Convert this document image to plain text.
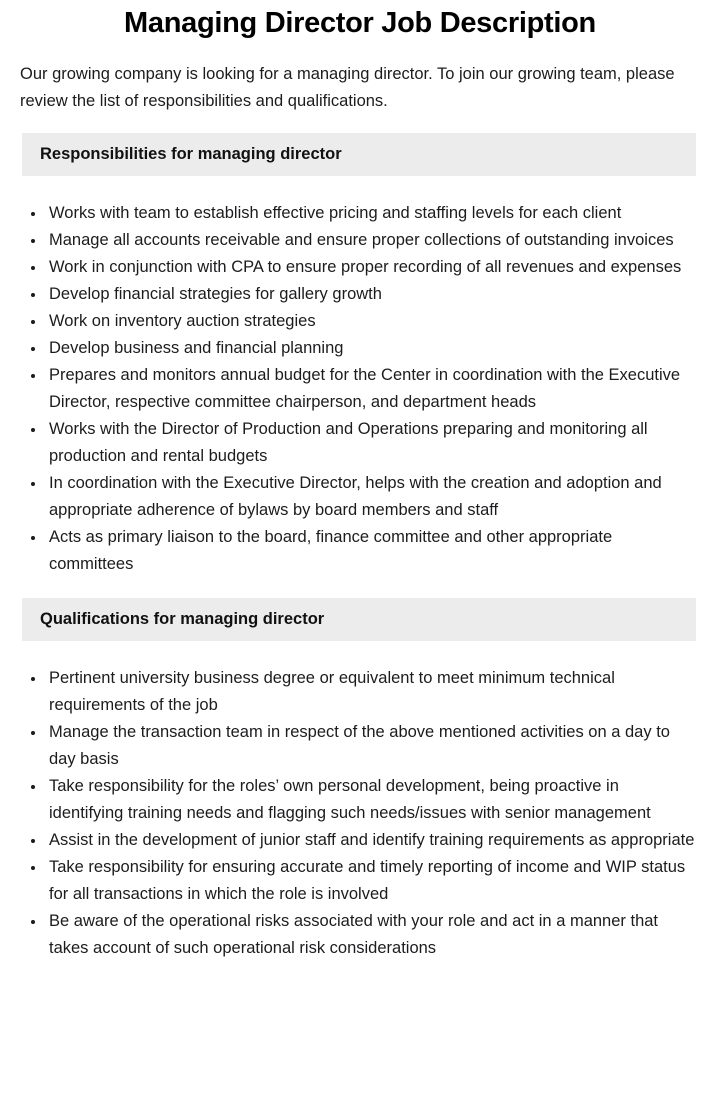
Managing Director Job Description

Our growing company is looking for a managing director. To join our growing team, please review the list of responsibilities and qualifications.

Responsibilities for managing director
• Works with team to establish effective pricing and staffing levels for each client
• Manage all accounts receivable and ensure proper collections of outstanding invoices
• Work in conjunction with CPA to ensure proper recording of all revenues and expenses
• Develop financial strategies for gallery growth
• Work on inventory auction strategies
• Develop business and financial planning
• Prepares and monitors annual budget for the Center in coordination with the Executive Director, respective committee chairperson, and department heads
• Works with the Director of Production and Operations preparing and monitoring all production and rental budgets
• In coordination with the Executive Director, helps with the creation and adoption and appropriate adherence of bylaws by board members and staff
• Acts as primary liaison to the board, finance committee and other appropriate committees
Qualifications for managing director
• Pertinent university business degree or equivalent to meet minimum technical requirements of the job
• Manage the transaction team in respect of the above mentioned activities on a day to day basis
• Take responsibility for the roles’ own personal development, being proactive in identifying training needs and flagging such needs/issues with senior management
• Assist in the development of junior staff and identify training requirements as appropriate
• Take responsibility for ensuring accurate and timely reporting of income and WIP status for all transactions in which the role is involved
• Be aware of the operational risks associated with your role and act in a manner that takes account of such operational risk considerations
